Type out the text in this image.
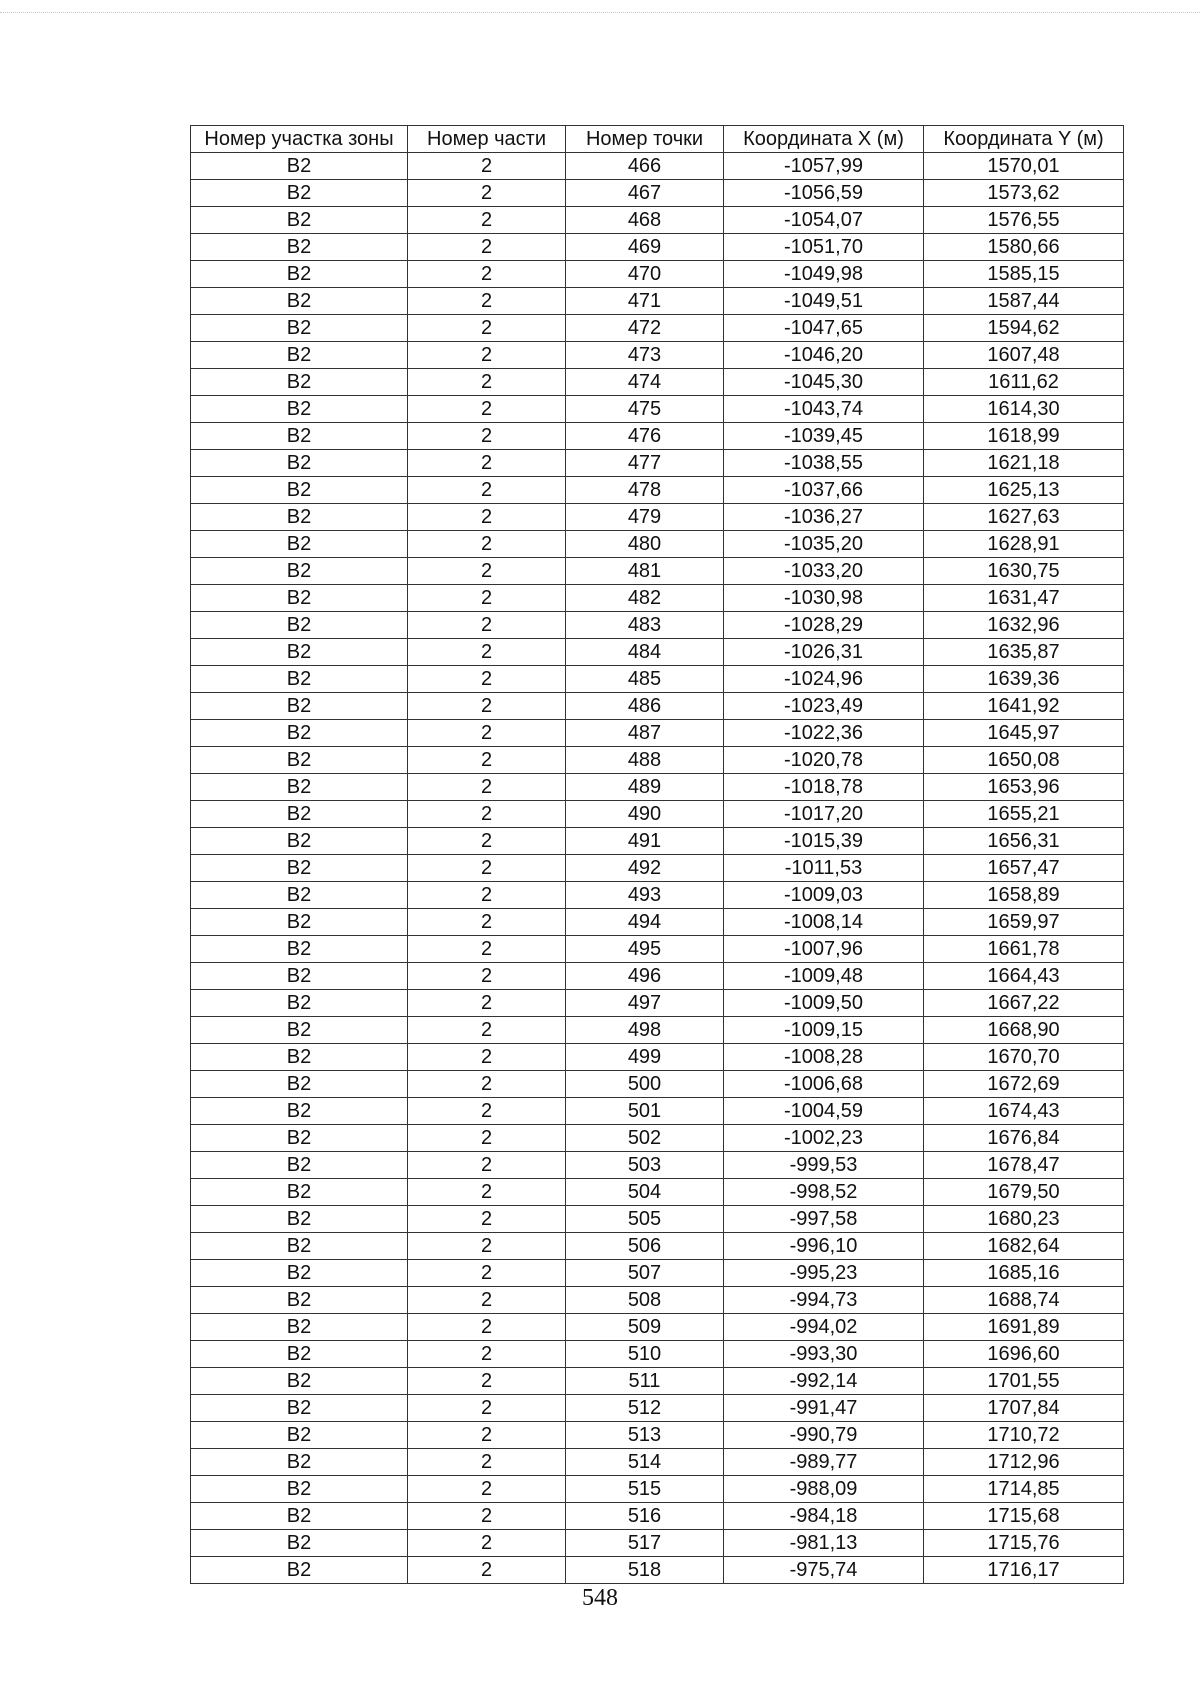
Номер участка зоны	Номер части	Номер точки	Координата X (м)	Координата Y (м)
В2	2	466	-1057,99	1570,01
В2	2	467	-1056,59	1573,62
В2	2	468	-1054,07	1576,55
В2	2	469	-1051,70	1580,66
В2	2	470	-1049,98	1585,15
В2	2	471	-1049,51	1587,44
В2	2	472	-1047,65	1594,62
В2	2	473	-1046,20	1607,48
В2	2	474	-1045,30	1611,62
В2	2	475	-1043,74	1614,30
В2	2	476	-1039,45	1618,99
В2	2	477	-1038,55	1621,18
В2	2	478	-1037,66	1625,13
В2	2	479	-1036,27	1627,63
В2	2	480	-1035,20	1628,91
В2	2	481	-1033,20	1630,75
В2	2	482	-1030,98	1631,47
В2	2	483	-1028,29	1632,96
В2	2	484	-1026,31	1635,87
В2	2	485	-1024,96	1639,36
В2	2	486	-1023,49	1641,92
В2	2	487	-1022,36	1645,97
В2	2	488	-1020,78	1650,08
В2	2	489	-1018,78	1653,96
В2	2	490	-1017,20	1655,21
В2	2	491	-1015,39	1656,31
В2	2	492	-1011,53	1657,47
В2	2	493	-1009,03	1658,89
В2	2	494	-1008,14	1659,97
В2	2	495	-1007,96	1661,78
В2	2	496	-1009,48	1664,43
В2	2	497	-1009,50	1667,22
В2	2	498	-1009,15	1668,90
В2	2	499	-1008,28	1670,70
В2	2	500	-1006,68	1672,69
В2	2	501	-1004,59	1674,43
В2	2	502	-1002,23	1676,84
В2	2	503	-999,53	1678,47
В2	2	504	-998,52	1679,50
В2	2	505	-997,58	1680,23
В2	2	506	-996,10	1682,64
В2	2	507	-995,23	1685,16
В2	2	508	-994,73	1688,74
В2	2	509	-994,02	1691,89
В2	2	510	-993,30	1696,60
В2	2	511	-992,14	1701,55
В2	2	512	-991,47	1707,84
В2	2	513	-990,79	1710,72
В2	2	514	-989,77	1712,96
В2	2	515	-988,09	1714,85
В2	2	516	-984,18	1715,68
В2	2	517	-981,13	1715,76
В2	2	518	-975,74	1716,17
548
